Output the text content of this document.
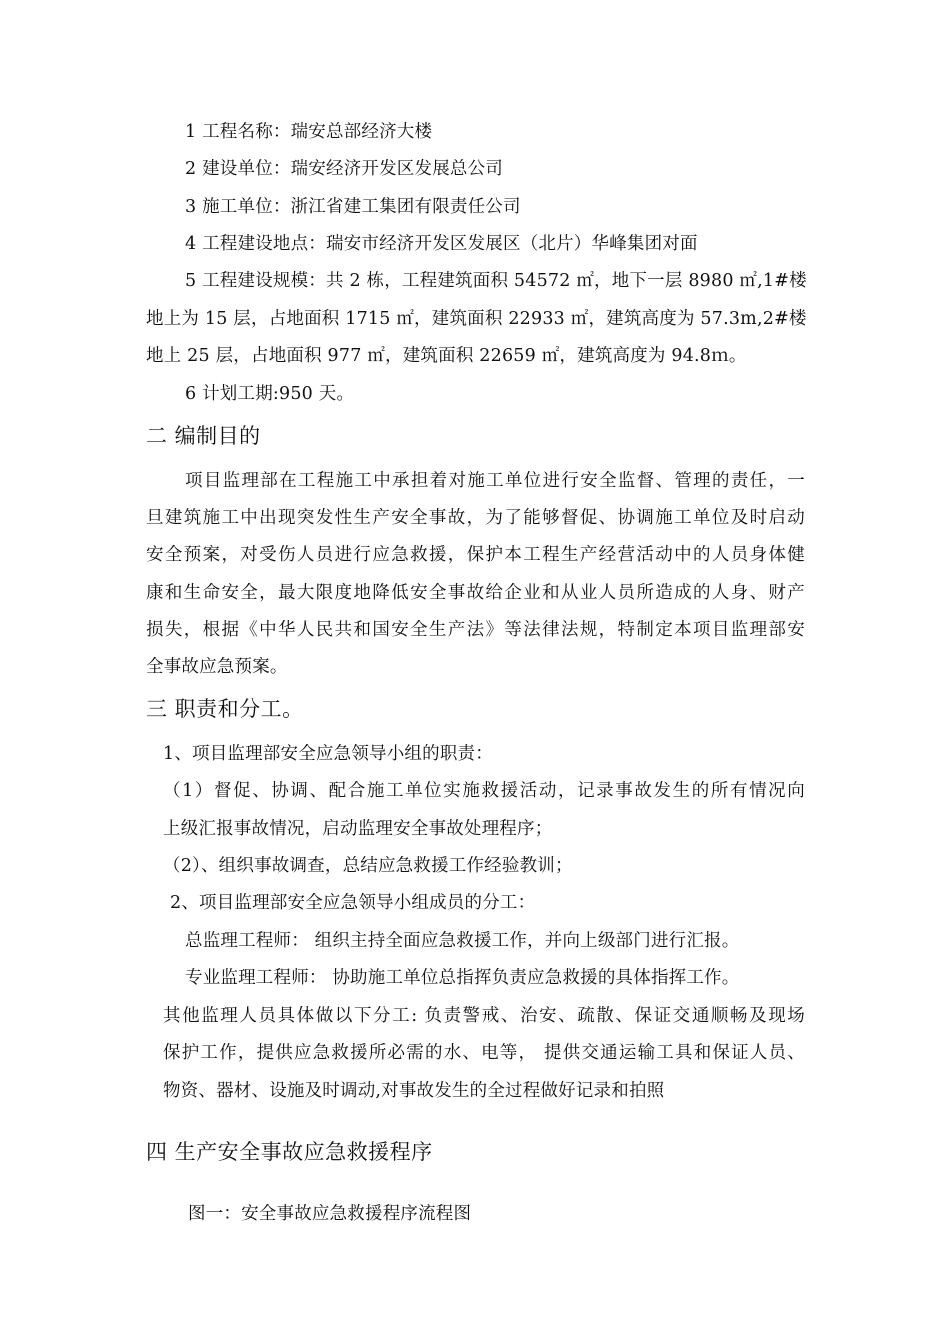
1 工程名称：瑞安总部经济大楼
2 建设单位：瑞安经济开发区发展总公司
3 施工单位：浙江省建工集团有限责任公司
4 工程建设地点：瑞安市经济开发区发展区（北片）华峰集团对面
5 工程建设规模：共 2 栋，工程建筑面积 54572 ㎡，地下一层 8980 ㎡,1#楼
地上为 15 层，占地面积 1715 ㎡，建筑面积 22933 ㎡，建筑高度为 57.3m,2#楼
地上 25 层，占地面积 977 ㎡，建筑面积 22659 ㎡，建筑高度为 94.8ｍ。
6 计划工期:950 天。
二 编制目的
项目监理部在工程施工中承担着对施工单位进行安全监督、管理的责任，一
旦建筑施工中出现突发性生产安全事故，为了能够督促、协调施工单位及时启动
安全预案，对受伤人员进行应急救援，保护本工程生产经营活动中的人员身体健
康和生命安全，最大限度地降低安全事故给企业和从业人员所造成的人身、财产
损失，根据《中华人民共和国安全生产法》等法律法规，特制定本项目监理部安
全事故应急预案。
三 职责和分工。
1、项目监理部安全应急领导小组的职责：
（1）督促、协调、配合施工单位实施救援活动，记录事故发生的所有情况向
上级汇报事故情况，启动监理安全事故处理程序；
（2）、组织事故调查，总结应急救援工作经验教训；
2、项目监理部安全应急领导小组成员的分工：
总监理工程师： 组织主持全面应急救援工作，并向上级部门进行汇报。
专业监理工程师： 协助施工单位总指挥负责应急救援的具体指挥工作。
其他监理人员具体做以下分工: 负责警戒、治安、疏散、保证交通顺畅及现场
保护工作，提供应急救援所必需的水、电等， 提供交通运输工具和保证人员、
物资、器材、设施及时调动,对事故发生的全过程做好记录和拍照
四 生产安全事故应急救援程序
图一：安全事故应急救援程序流程图
